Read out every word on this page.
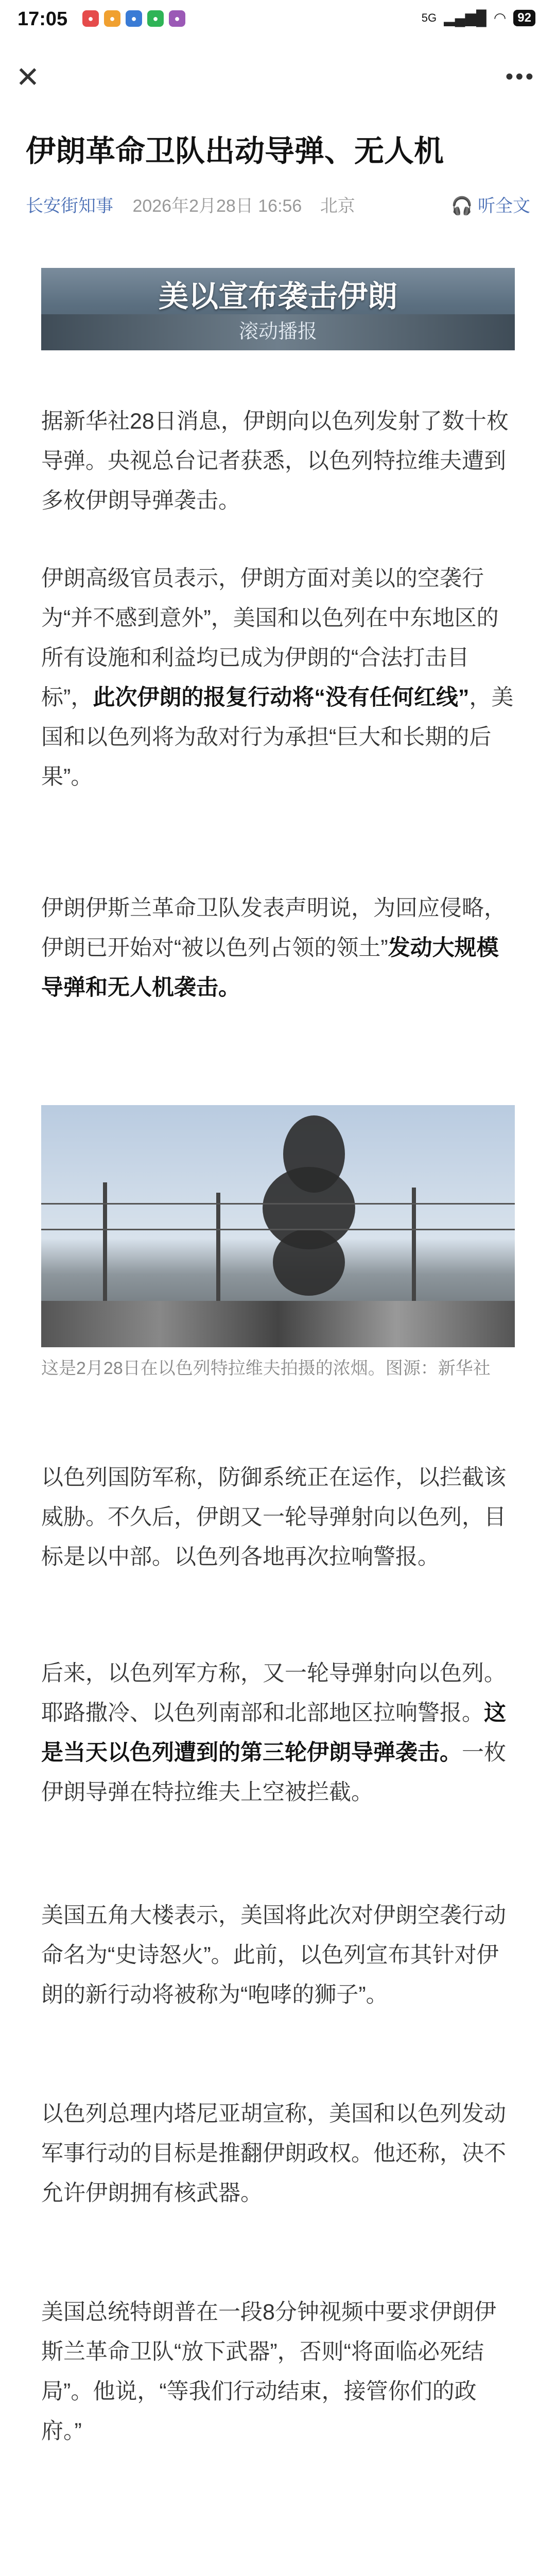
17:05	●	●	●	●	●	5G ▂▄▆█ ◠ 92
✕	•••
伊朗革命卫队出动导弹、无人机
长安街知事 2026年2月28日 16:56 北京	🎧 听全文
美以宣布袭击伊朗
滚动播报

据新华社28日消息，伊朗向以色列发射了数十枚导弹。央视总台记者获悉，以色列特拉维夫遭到多枚伊朗导弹袭击。

伊朗高级官员表示，伊朗方面对美以的空袭行为“并不感到意外”，美国和以色列在中东地区的所有设施和利益均已成为伊朗的“合法打击目标”，此次伊朗的报复行动将“没有任何红线”，美国和以色列将为敌对行为承担“巨大和长期的后果”。

伊朗伊斯兰革命卫队发表声明说，为回应侵略，伊朗已开始对“被以色列占领的领土”发动大规模导弹和无人机袭击。

这是2月28日在以色列特拉维夫拍摄的浓烟。图源：新华社

以色列国防军称，防御系统正在运作，以拦截该威胁。不久后，伊朗又一轮导弹射向以色列，目标是以中部。以色列各地再次拉响警报。

后来，以色列军方称，又一轮导弹射向以色列。耶路撒冷、以色列南部和北部地区拉响警报。这是当天以色列遭到的第三轮伊朗导弹袭击。一枚伊朗导弹在特拉维夫上空被拦截。

美国五角大楼表示，美国将此次对伊朗空袭行动命名为“史诗怒火”。此前，以色列宣布其针对伊朗的新行动将被称为“咆哮的狮子”。

以色列总理内塔尼亚胡宣称，美国和以色列发动军事行动的目标是推翻伊朗政权。他还称，决不允许伊朗拥有核武器。

美国总统特朗普在一段8分钟视频中要求伊朗伊斯兰革命卫队“放下武器”，否则“将面临必死结局”。他说，“等我们行动结束，接管你们的政府。”
